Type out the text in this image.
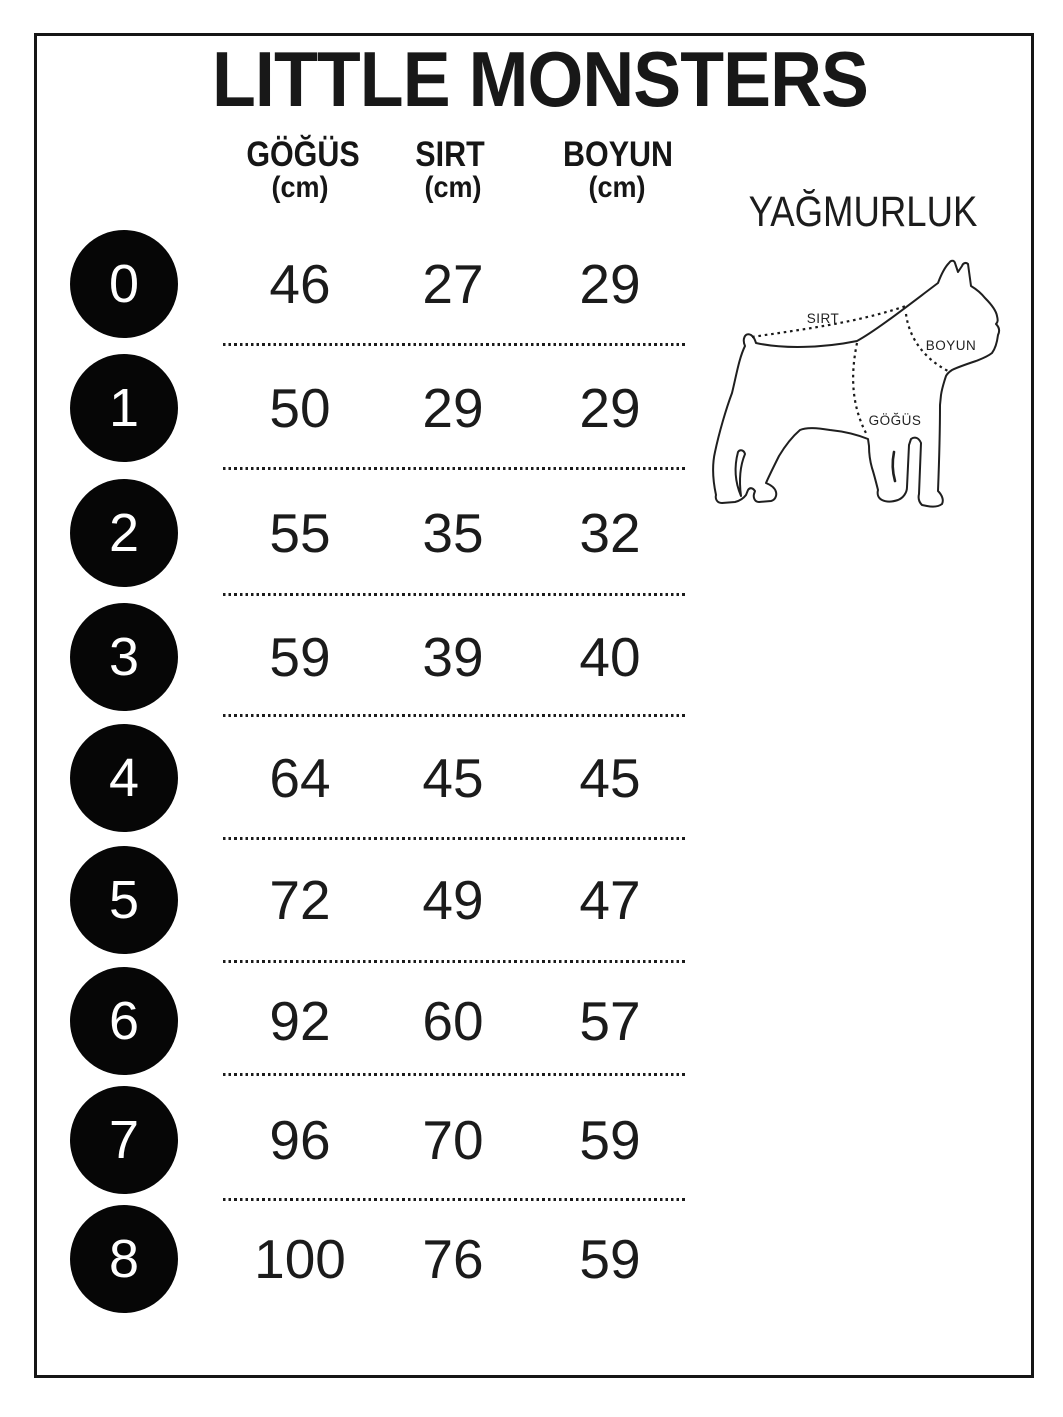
LITTLE MONSTERS
GÖĞÜS	SIRT	BOYUN
(cm)	(cm)	(cm)
YAĞMURLUK
0	46	27	29
1	50	29	29
2	55	35	32
3	59	39	40
4	64	45	45
5	72	49	47
6	92	60	57
7	96	70	59
8	100	76	59
SIRT
BOYUN
GÖĞÜS
